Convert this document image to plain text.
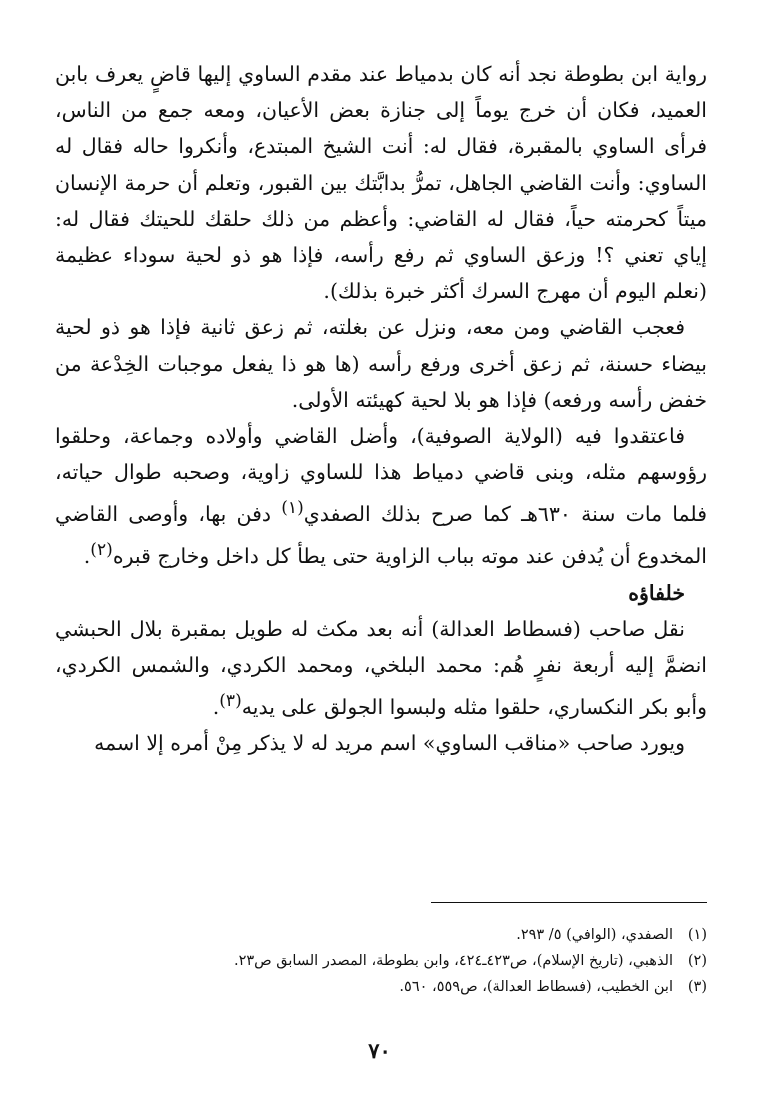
رواية ابن بطوطة نجد أنه كان بدمياط عند مقدم الساوي إليها قاضٍ يعرف بابن العميد، فكان أن خرج يوماً إلى جنازة بعض الأعيان، ومعه جمع من الناس، فرأى الساوي بالمقبرة، فقال له: أنت الشيخ المبتدع، وأنكروا حاله فقال له الساوي: وأنت القاضي الجاهل، تمرُّ بدابَّتك بين القبور، وتعلم أن حرمة الإنسان ميتاً كحرمته حياً، فقال له القاضي: وأعظم من ذلك حلقك للحيتك فقال له: إياي تعني ؟! وزعق الساوي ثم رفع رأسه، فإذا هو ذو لحية سوداء عظيمة (نعلم اليوم أن مهرج السرك أكثر خبرة بذلك).

فعجب القاضي ومن معه، ونزل عن بغلته، ثم زعق ثانية فإذا هو ذو لحية بيضاء حسنة، ثم زعق أخرى ورفع رأسه (ها هو ذا يفعل موجبات الخِدْعة من خفض رأسه ورفعه) فإذا هو بلا لحية كهيئته الأولى.

فاعتقدوا فيه (الولاية الصوفية)، وأضل القاضي وأولاده وجماعة، وحلقوا رؤوسهم مثله، وبنى قاضي دمياط هذا للساوي زاوية، وصحبه طوال حياته، فلما مات سنة ٦٣٠هـ كما صرح بذلك الصفدي$^{(١)}$ دفن بها، وأوصى القاضي المخدوع أن يُدفن عند موته بباب الزاوية حتى يطأ كل داخل وخارج قبره$^{(٢)}$.

خلفاؤه

نقل صاحب (فسطاط العدالة) أنه بعد مكث له طويل بمقبرة بلال الحبشي انضمَّ إليه أربعة نفرٍ هُم: محمد البلخي، ومحمد الكردي، والشمس الكردي، وأبو بكر النكساري، حلقوا مثله ولبسوا الجولق على يديه$^{(٣)}$.

ويورد صاحب «مناقب الساوي» اسم مريد له لا يذكر مِنْ أمره إلا اسمه

(١)الصفدي، (الوافي) ٥/ ٢٩٣.
(٢)الذهبي، (تاريخ الإسلام)، ص٤٢٣ـ٤٢٤، وابن بطوطة، المصدر السابق ص٢٣.
(٣)ابن الخطيب، (فسطاط العدالة)، ص٥٥٩، ٥٦٠.
٧٠
